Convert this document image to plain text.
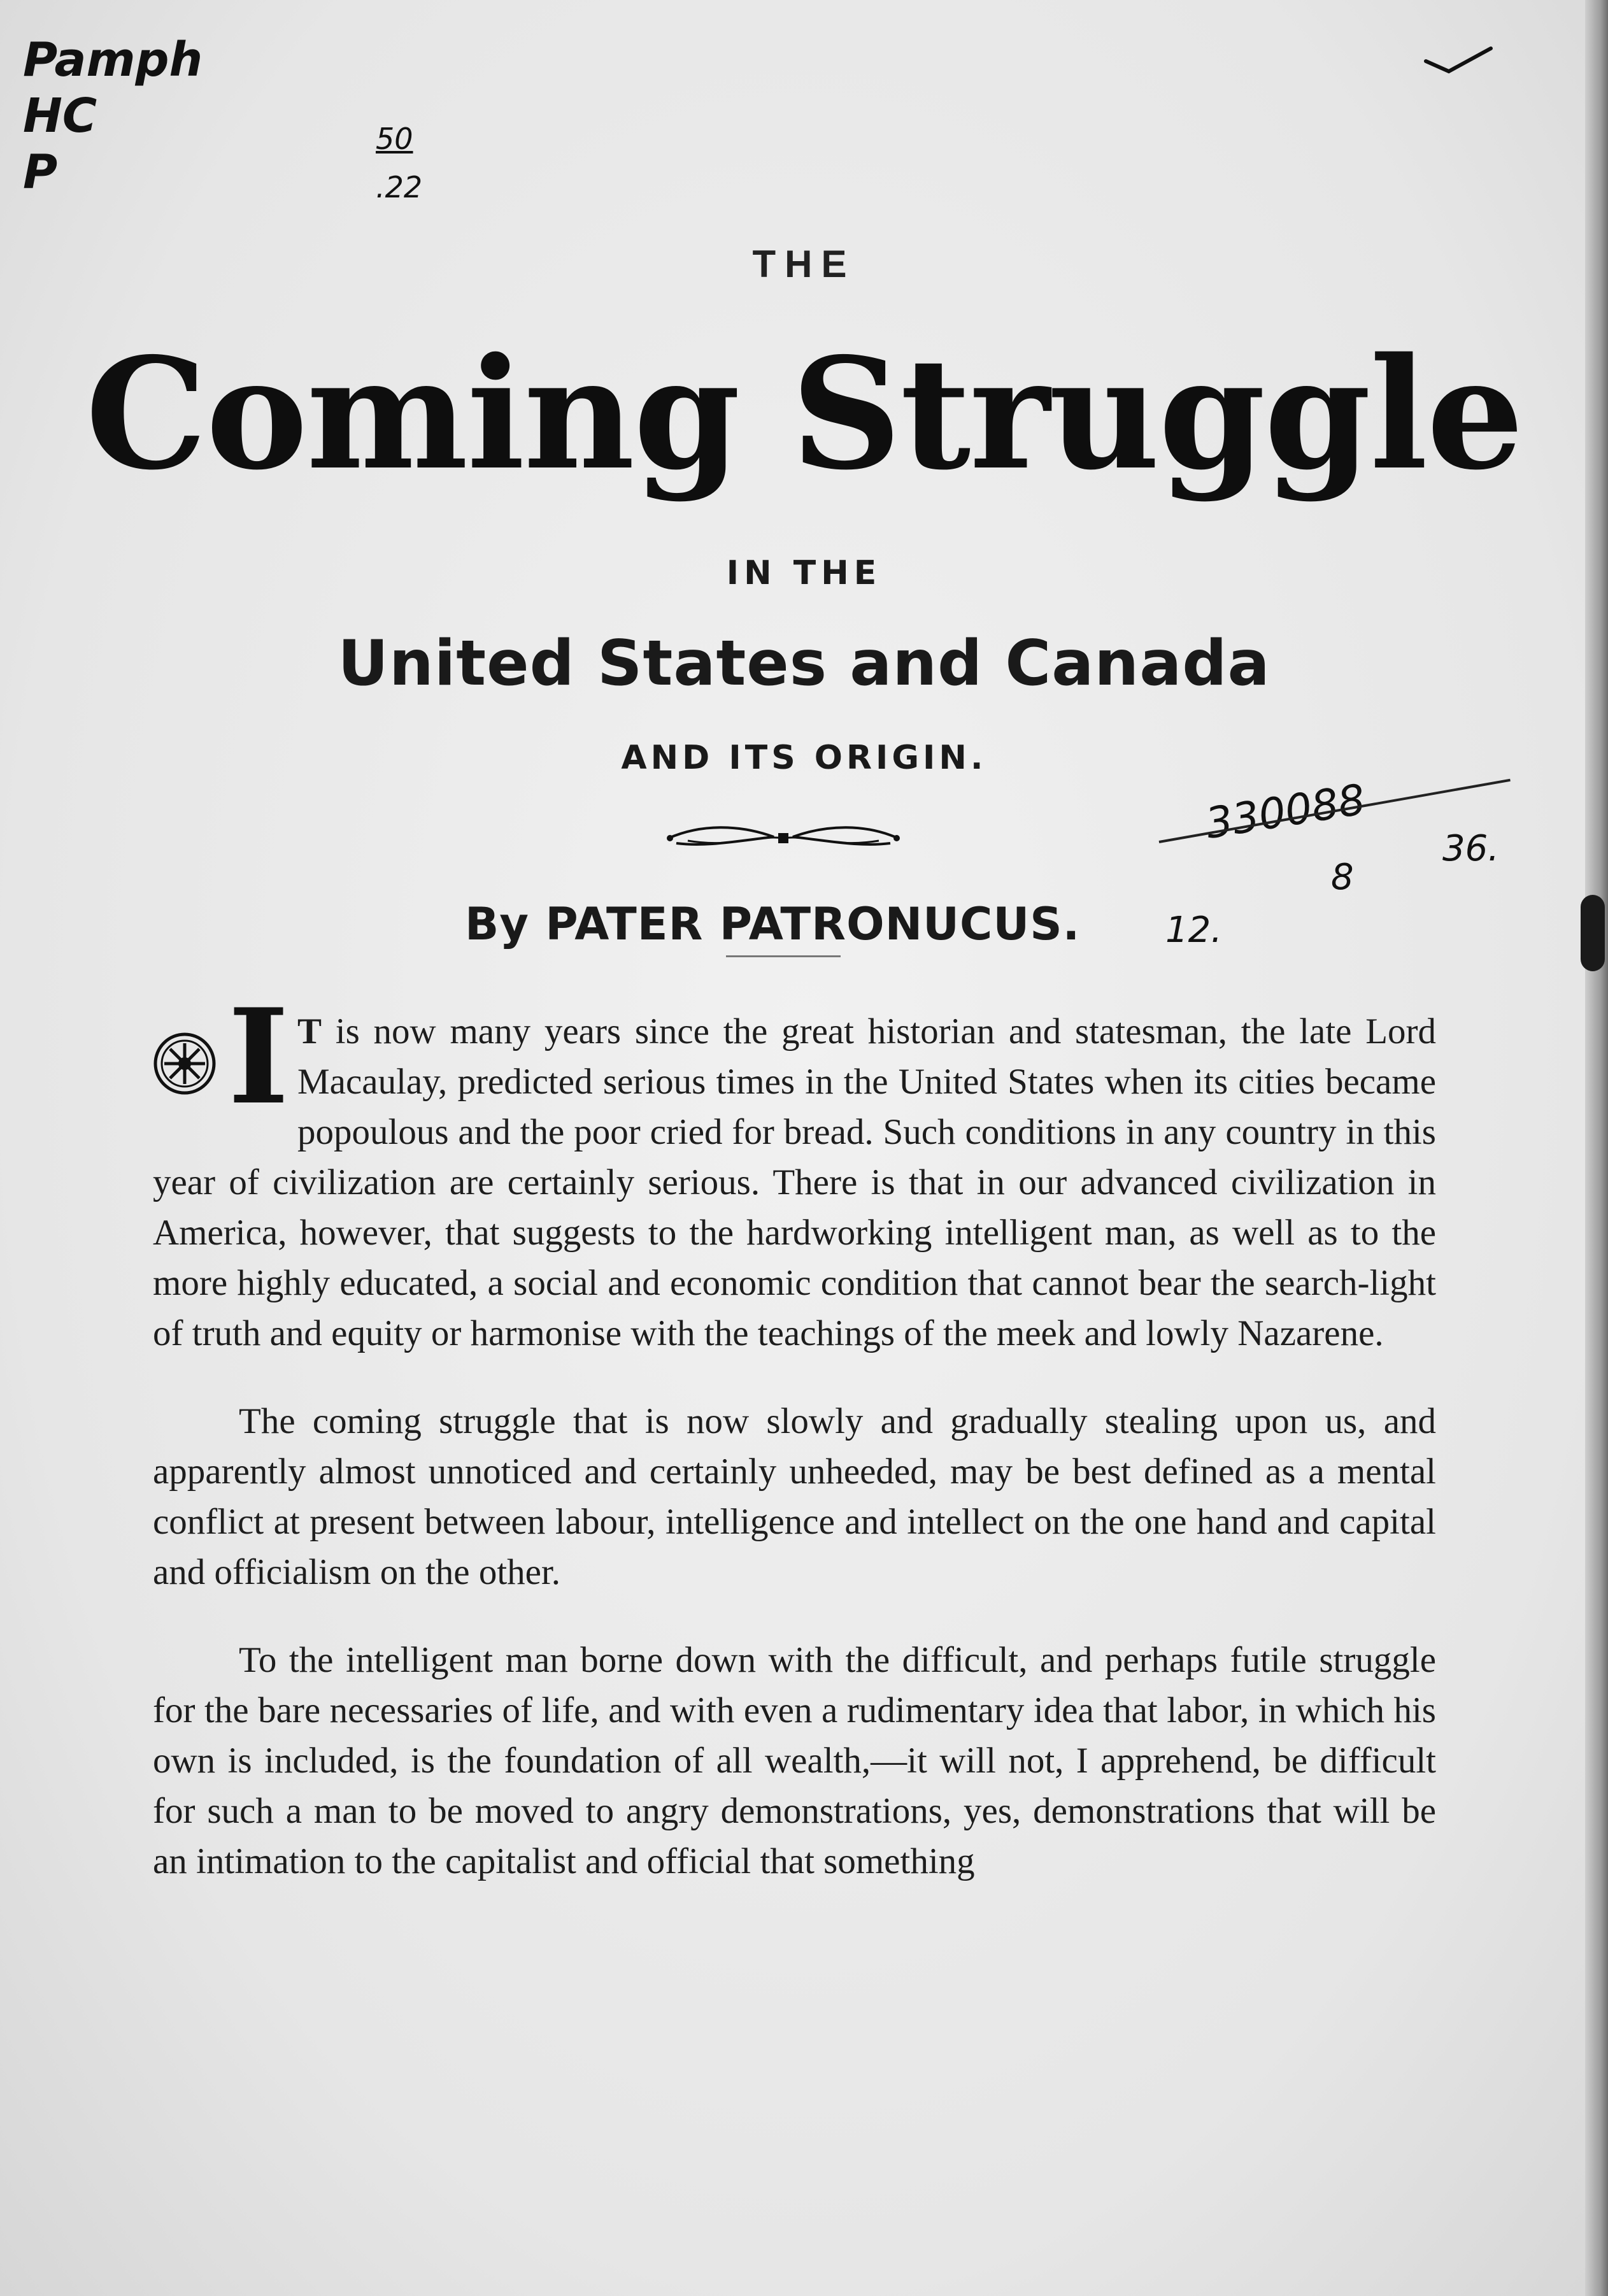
Pamph
HC
P
50
.22
THE
Coming Struggle
IN THE
United States and Canada
AND ITS ORIGIN.
By PATER PATRONUCUS. 12.
330088
8
36.

I T is now many years since the great historian and statesman, the late Lord Macaulay, predicted serious times in the United States when its cities became popoulous and the poor cried for bread. Such conditions in any country in this year of civilization are certainly serious. There is that in our advanced civilization in America, however, that suggests to the hardworking intelligent man, as well as to the more highly educated, a social and economic condition that cannot bear the search-light of truth and equity or harmonise with the teachings of the meek and lowly Nazarene.

The coming struggle that is now slowly and gradually stealing upon us, and apparently almost unnoticed and certainly unheeded, may be best defined as a mental conflict at present between labour, intelligence and intellect on the one hand and capital and officialism on the other.

To the intelligent man borne down with the difficult, and perhaps futile struggle for the bare necessaries of life, and with even a rudimentary idea that labor, in which his own is included, is the foundation of all wealth,—it will not, I apprehend, be difficult for such a man to be moved to angry demonstrations, yes, demonstrations that will be an intimation to the capitalist and official that something
